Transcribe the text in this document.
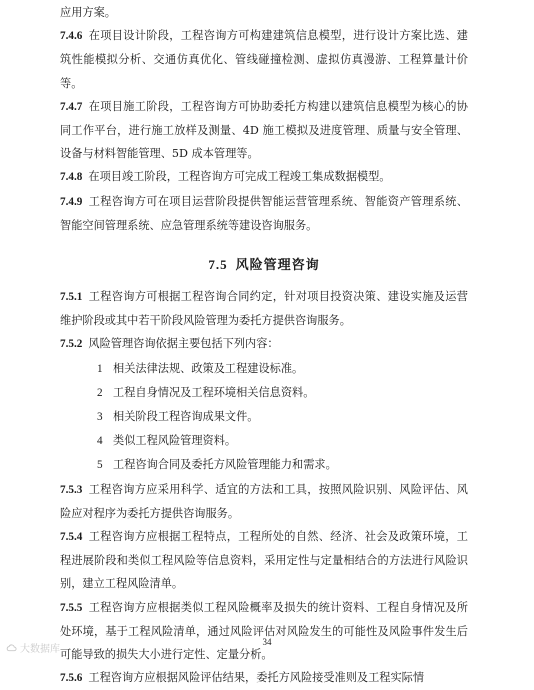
应用方案。

7.4.6 在项目设计阶段，工程咨询方可构建建筑信息模型，进行设计方案比选、建筑性能模拟分析、交通仿真优化、管线碰撞检测、虚拟仿真漫游、工程算量计价等。

7.4.7 在项目施工阶段，工程咨询方可协助委托方构建以建筑信息模型为核心的协同工作平台，进行施工放样及测量、4D 施工模拟及进度管理、质量与安全管理、设备与材料智能管理、5D 成本管理等。

7.4.8 在项目竣工阶段，工程咨询方可完成工程竣工集成数据模型。

7.4.9 工程咨询方可在项目运营阶段提供智能运营管理系统、智能资产管理系统、智能空间管理系统、应急管理系统等建设咨询服务。

7.5 风险管理咨询

7.5.1 工程咨询方可根据工程咨询合同约定，针对项目投资决策、建设实施及运营维护阶段或其中若干阶段风险管理为委托方提供咨询服务。

7.5.2 风险管理咨询依据主要包括下列内容：

1 相关法律法规、政策及工程建设标准。
2 工程自身情况及工程环境相关信息资料。
3 相关阶段工程咨询成果文件。
4 类似工程风险管理资料。
5 工程咨询合同及委托方风险管理能力和需求。

7.5.3 工程咨询方应采用科学、适宜的方法和工具，按照风险识别、风险评估、风险应对程序为委托方提供咨询服务。

7.5.4 工程咨询方应根据工程特点，工程所处的自然、经济、社会及政策环境，工程进展阶段和类似工程风险等信息资料，采用定性与定量相结合的方法进行风险识别，建立工程风险清单。

7.5.5 工程咨询方应根据类似工程风险概率及损失的统计资料、工程自身情况及所处环境，基于工程风险清单，通过风险评估对风险发生的可能性及风险事件发生后可能导致的损失大小进行定性、定量分析。

7.5.6 工程咨询方应根据风险评估结果，委托方风险接受准则及工程实际情

34
大数据库
